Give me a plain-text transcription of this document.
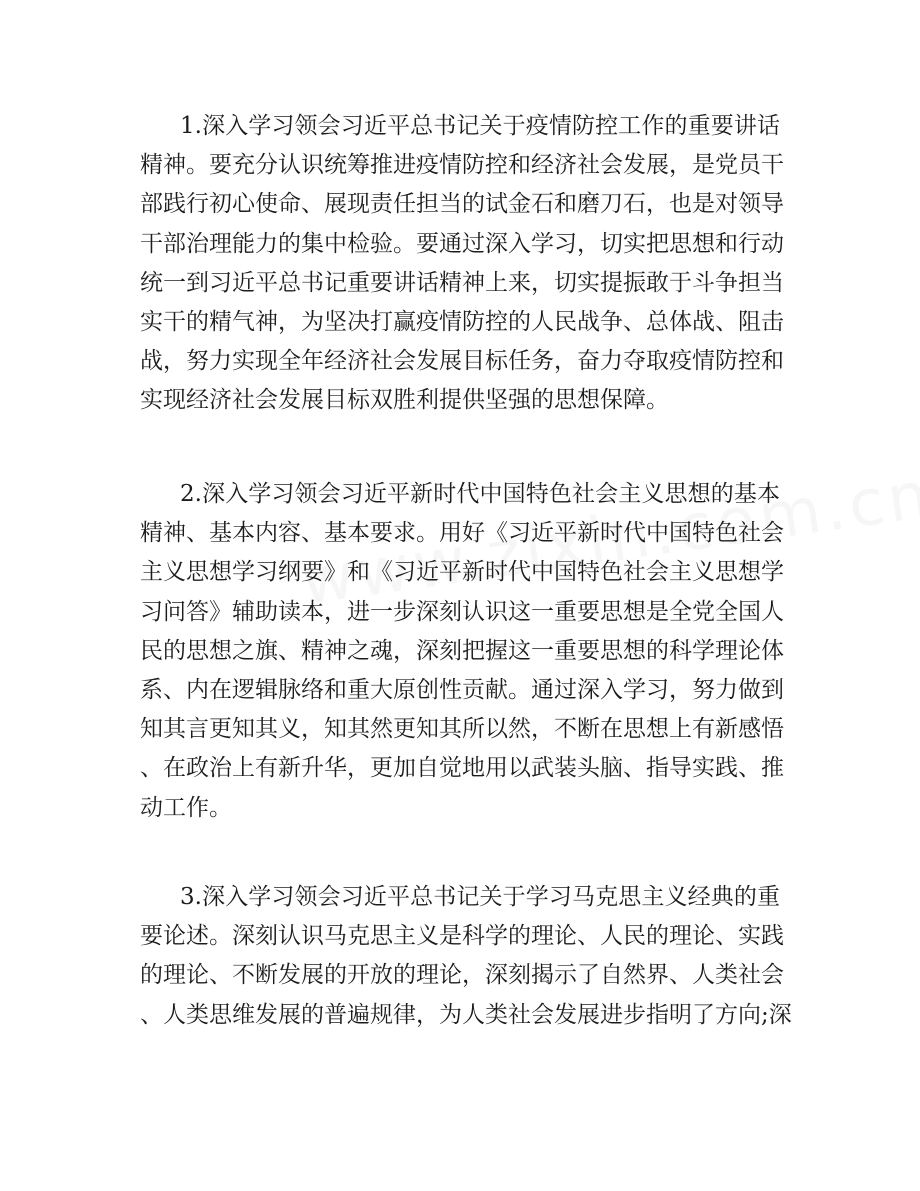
1.深入学习领会习近平总书记关于疫情防控工作的重要讲话

精神。要充分认识统筹推进疫情防控和经济社会发展，是党员干

部践行初心使命、展现责任担当的试金石和磨刀石，也是对领导

干部治理能力的集中检验。要通过深入学习，切实把思想和行动

统一到习近平总书记重要讲话精神上来，切实提振敢于斗争担当

实干的精气神，为坚决打赢疫情防控的人民战争、总体战、阻击

战，努力实现全年经济社会发展目标任务，奋力夺取疫情防控和

实现经济社会发展目标双胜利提供坚强的思想保障。

2.深入学习领会习近平新时代中国特色社会主义思想的基本

精神、基本内容、基本要求。用好《习近平新时代中国特色社会

主义思想学习纲要》和《习近平新时代中国特色社会主义思想学

习问答》辅助读本，进一步深刻认识这一重要思想是全党全国人

民的思想之旗、精神之魂，深刻把握这一重要思想的科学理论体

系、内在逻辑脉络和重大原创性贡献。通过深入学习，努力做到

知其言更知其义，知其然更知其所以然，不断在思想上有新感悟

、在政治上有新升华，更加自觉地用以武装头脑、指导实践、推

动工作。

3.深入学习领会习近平总书记关于学习马克思主义经典的重

要论述。深刻认识马克思主义是科学的理论、人民的理论、实践

的理论、不断发展的开放的理论，深刻揭示了自然界、人类社会

、人类思维发展的普遍规律，为人类社会发展进步指明了方向;深
